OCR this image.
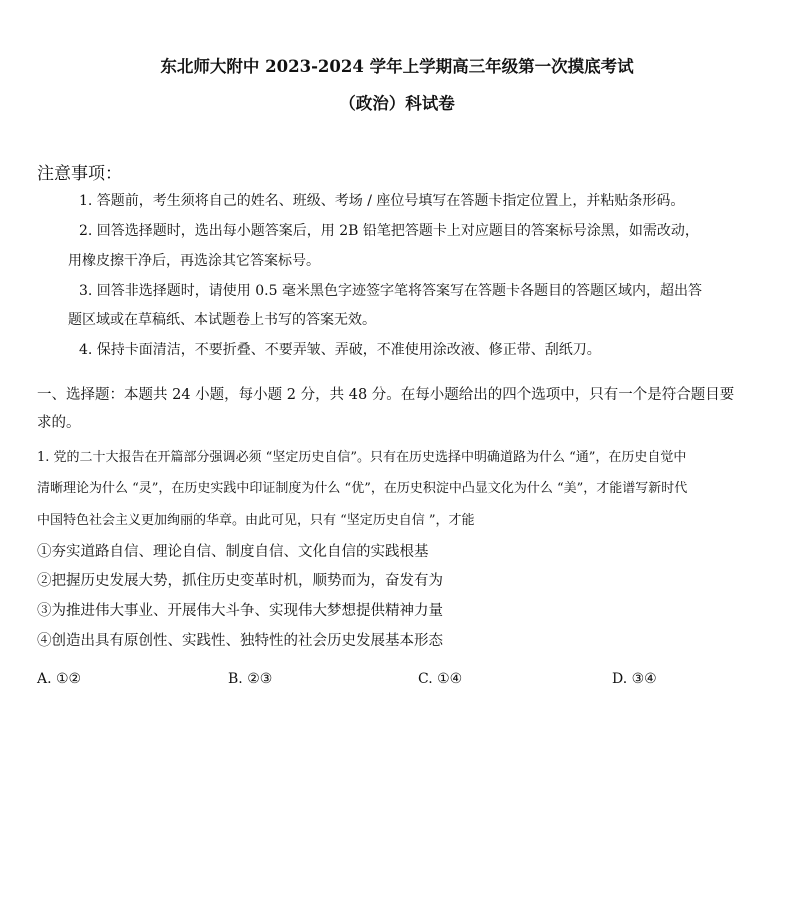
东北师大附中 2023-2024 学年上学期高三年级第一次摸底考试
（政治）科试卷
注意事项：
1. 答题前，考生须将自己的姓名、班级、考场 / 座位号填写在答题卡指定位置上，并粘贴条形码。
2. 回答选择题时，选出每小题答案后，用 2B 铅笔把答题卡上对应题目的答案标号涂黑，如需改动，
用橡皮擦干净后，再选涂其它答案标号。
3. 回答非选择题时，请使用 0.5 毫米黑色字迹签字笔将答案写在答题卡各题目的答题区域内，超出答
题区域或在草稿纸、本试题卷上书写的答案无效。
4. 保持卡面清洁，不要折叠、不要弄皱、弄破，不准使用涂改液、修正带、刮纸刀。
一、选择题：本题共 24 小题，每小题 2 分，共 48 分。在每小题给出的四个选项中，只有一个是符合题目要
求的。
1. 党的二十大报告在开篇部分强调必须 “坚定历史自信”。只有在历史选择中明确道路为什么 “通”，在历史自觉中
清晰理论为什么 “灵”，在历史实践中印证制度为什么 “优”，在历史积淀中凸显文化为什么 “美”，才能谱写新时代
中国特色社会主义更加绚丽的华章。由此可见，只有 “坚定历史自信 ”，才能
①夯实道路自信、理论自信、制度自信、文化自信的实践根基
②把握历史发展大势，抓住历史变革时机，顺势而为，奋发有为
③为推进伟大事业、开展伟大斗争、实现伟大梦想提供精神力量
④创造出具有原创性、实践性、独特性的社会历史发展基本形态
A. ①②	B. ②③	C. ①④	D. ③④
